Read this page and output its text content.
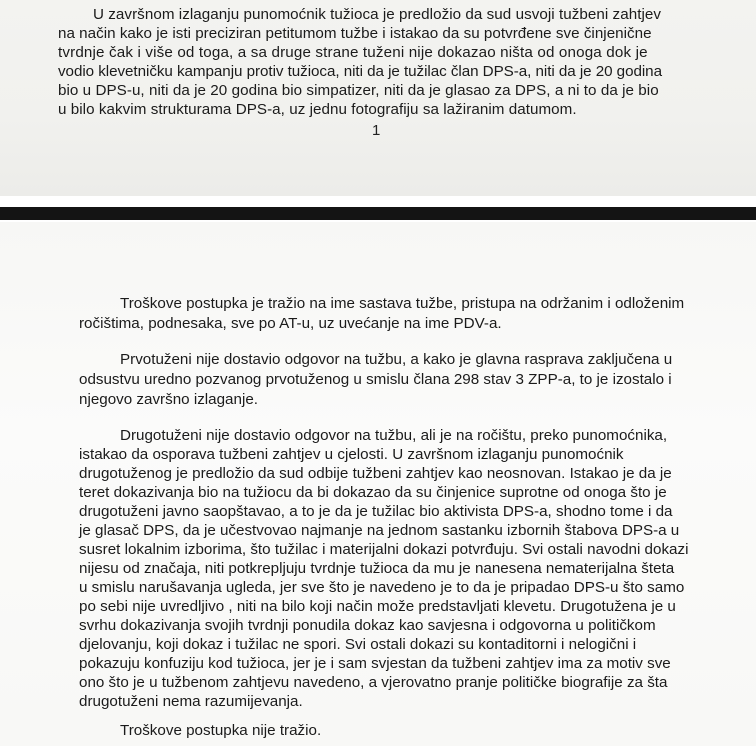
U završnom izlaganju punomoćnik tužioca je predložio da sud usvoji tužbeni zahtjev
na način kako je isti preciziran petitumom tužbe i istakao da su potvrđene sve činjenične
tvrdnje čak i više od toga, a sa druge strane tuženi nije dokazao ništa od onoga dok je
vodio klevetničku kampanju protiv tužioca, niti da je tužilac član DPS-a, niti da je 20 godina
bio u DPS-u, niti da je 20 godina bio simpatizer, niti da je glasao za DPS, a ni to da je bio
u bilo kakvim strukturama DPS-a, uz jednu fotografiju sa lažiranim datumom.
1
Troškove postupka je tražio na ime sastava tužbe, pristupa na održanim i odloženim
ročištima, podnesaka, sve po AT-u, uz uvećanje na ime PDV-a.
Prvotuženi nije dostavio odgovor na tužbu, a kako je glavna rasprava zaključena u
odsustvu uredno pozvanog prvotuženog u smislu člana 298 stav 3 ZPP-a, to je izostalo i
njegovo završno izlaganje.
Drugotuženi nije dostavio odgovor na tužbu, ali je na ročištu, preko punomoćnika,
istakao da osporava tužbeni zahtjev u cjelosti. U završnom izlaganju punomoćnik
drugotuženog je predložio da sud odbije tužbeni zahtjev kao neosnovan. Istakao je da je
teret dokazivanja bio na tužiocu da bi dokazao da su činjenice suprotne od onoga što je
drugotuženi javno saopštavao, a to je da je tužilac bio aktivista DPS-a, shodno tome i da
je glasač DPS, da je učestvovao najmanje na jednom sastanku izbornih štabova DPS-a u
susret lokalnim izborima, što tužilac i materijalni dokazi potvrđuju. Svi ostali navodni dokazi
nijesu od značaja, niti potkrepljuju tvrdnje tužioca da mu je nanesena nematerijalna šteta
u smislu narušavanja ugleda, jer sve što je navedeno je to da je pripadao DPS-u što samo
po sebi nije uvredljivo , niti na bilo koji način može predstavljati klevetu. Drugotužena je u
svrhu dokazivanja svojih tvrdnji ponudila dokaz kao savjesna i odgovorna u političkom
djelovanju, koji dokaz i tužilac ne spori. Svi ostali dokazi su kontaditorni i nelogični i
pokazuju konfuziju kod tužioca, jer je i sam svjestan da tužbeni zahtjev ima za motiv sve
ono što je u tužbenom zahtjevu navedeno, a vjerovatno pranje političke biografije za šta
drugotuženi nema razumijevanja.
Troškove postupka nije tražio.
